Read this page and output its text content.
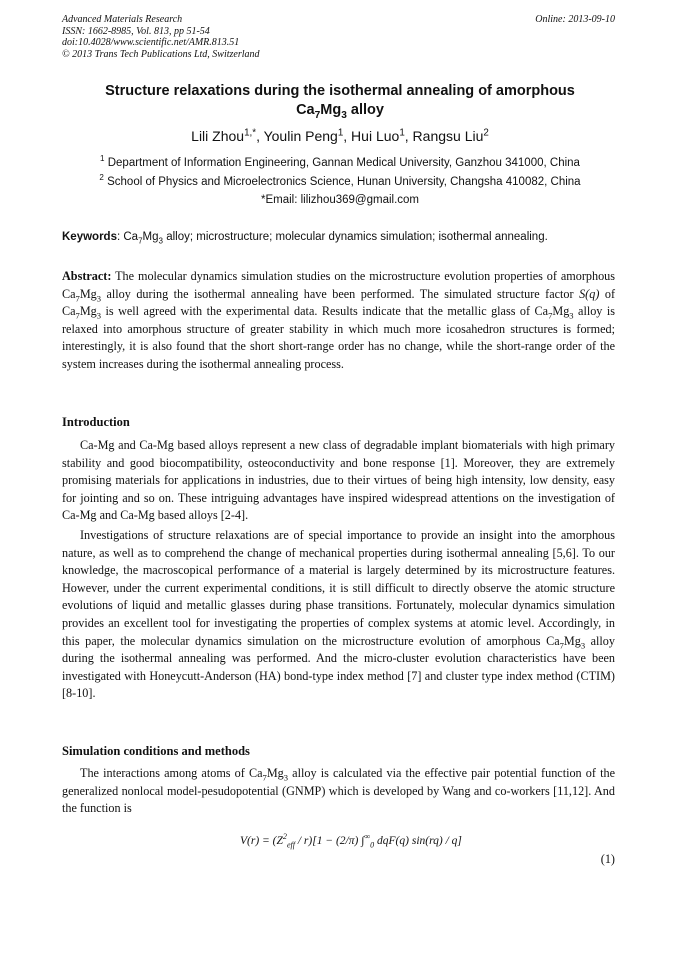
Advanced Materials Research
ISSN: 1662-8985, Vol. 813, pp 51-54
doi:10.4028/www.scientific.net/AMR.813.51
© 2013 Trans Tech Publications Ltd, Switzerland
Online: 2013-09-10
Structure relaxations during the isothermal annealing of amorphous
$Ca_7Mg_3$ alloy
Lili Zhou$^{1,*}$, Youlin Peng$^1$, Hui Luo$^1$, Rangsu Liu$^2$
$^1$ Department of Information Engineering, Gannan Medical University, Ganzhou 341000, China
$^2$ School of Physics and Microelectronics Science, Hunan University, Changsha 410082, China
*Email: lilizhou369@gmail.com
Keywords: $Ca_7Mg_3$ alloy; microstructure; molecular dynamics simulation; isothermal annealing.
Abstract: The molecular dynamics simulation studies on the microstructure evolution properties of amorphous $Ca_7Mg_3$ alloy during the isothermal annealing have been performed. The simulated structure factor S(q) of $Ca_7Mg_3$ is well agreed with the experimental data. Results indicate that the metallic glass of $Ca_7Mg_3$ alloy is relaxed into amorphous structure of greater stability in which much more icosahedron structures is formed; interestingly, it is also found that the short short-range order has no change, while the short-range order of the system increases during the isothermal annealing process.
Introduction
Ca-Mg and Ca-Mg based alloys represent a new class of degradable implant biomaterials with high primary stability and good biocompatibility, osteoconductivity and bone response [1]. Moreover, they are extremely promising materials for applications in industries, due to their virtues of being high intensity, low density, easy for jointing and so on. These intriguing advantages have inspired widespread attentions on the investigation of Ca-Mg and Ca-Mg based alloys [2-4].
Investigations of structure relaxations are of special importance to provide an insight into the amorphous nature, as well as to comprehend the change of mechanical properties during isothermal annealing [5,6]. To our knowledge, the macroscopical performance of a material is largely determined by its microstructure features. However, under the current experimental conditions, it is still difficult to directly observe the atomic structure evolutions of liquid and metallic glasses during phase transitions. Fortunately, molecular dynamics simulation provides an excellent tool for investigating the properties of complex systems at atomic level. Accordingly, in this paper, the molecular dynamics simulation on the microstructure evolution of amorphous $Ca_7Mg_3$ alloy during the isothermal annealing was performed. And the micro-cluster evolution characteristics have been investigated with Honeycutt-Anderson (HA) bond-type index method [7] and cluster type index method (CTIM) [8-10].
Simulation conditions and methods
The interactions among atoms of $Ca_7Mg_3$ alloy is calculated via the effective pair potential function of the generalized nonlocal model-pesudopotential (GNMP) which is developed by Wang and co-workers [11,12]. And the function is
$V(r) = (Z^2_{eff} / r)[1 - (2/\pi)$ $\int^\infty_0$ dqF(q) sin(rq) / q]
(1)
